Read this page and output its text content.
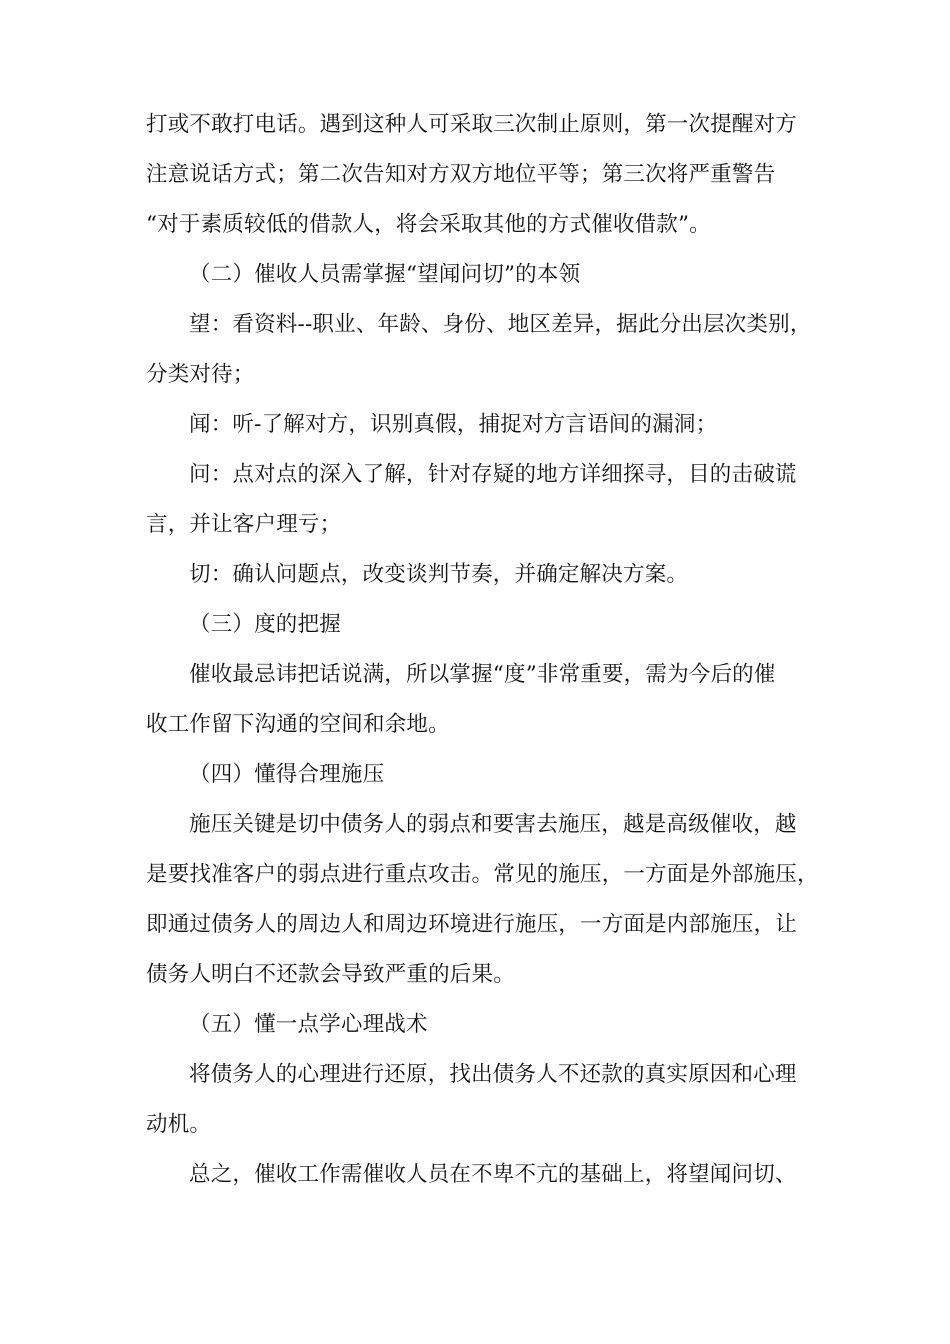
打或不敢打电话。遇到这种人可采取三次制止原则，第一次提醒对方
注意说话方式；第二次告知对方双方地位平等；第三次将严重警告
“对于素质较低的借款人，将会采取其他的方式催收借款”。
（二）催收人员需掌握“望闻问切”的本领
望：看资料--职业、年龄、身份、地区差异，据此分出层次类别，
分类对待；
闻：听-了解对方，识别真假，捕捉对方言语间的漏洞；
问：点对点的深入了解，针对存疑的地方详细探寻，目的击破谎
言，并让客户理亏；
切：确认问题点，改变谈判节奏，并确定解决方案。
（三）度的把握
催收最忌讳把话说满，所以掌握“度”非常重要，需为今后的催
收工作留下沟通的空间和余地。
（四）懂得合理施压
施压关键是切中债务人的弱点和要害去施压，越是高级催收，越
是要找准客户的弱点进行重点攻击。常见的施压，一方面是外部施压，
即通过债务人的周边人和周边环境进行施压，一方面是内部施压，让
债务人明白不还款会导致严重的后果。
（五）懂一点学心理战术
将债务人的心理进行还原，找出债务人不还款的真实原因和心理
动机。
总之，催收工作需催收人员在不卑不亢的基础上，将望闻问切、
